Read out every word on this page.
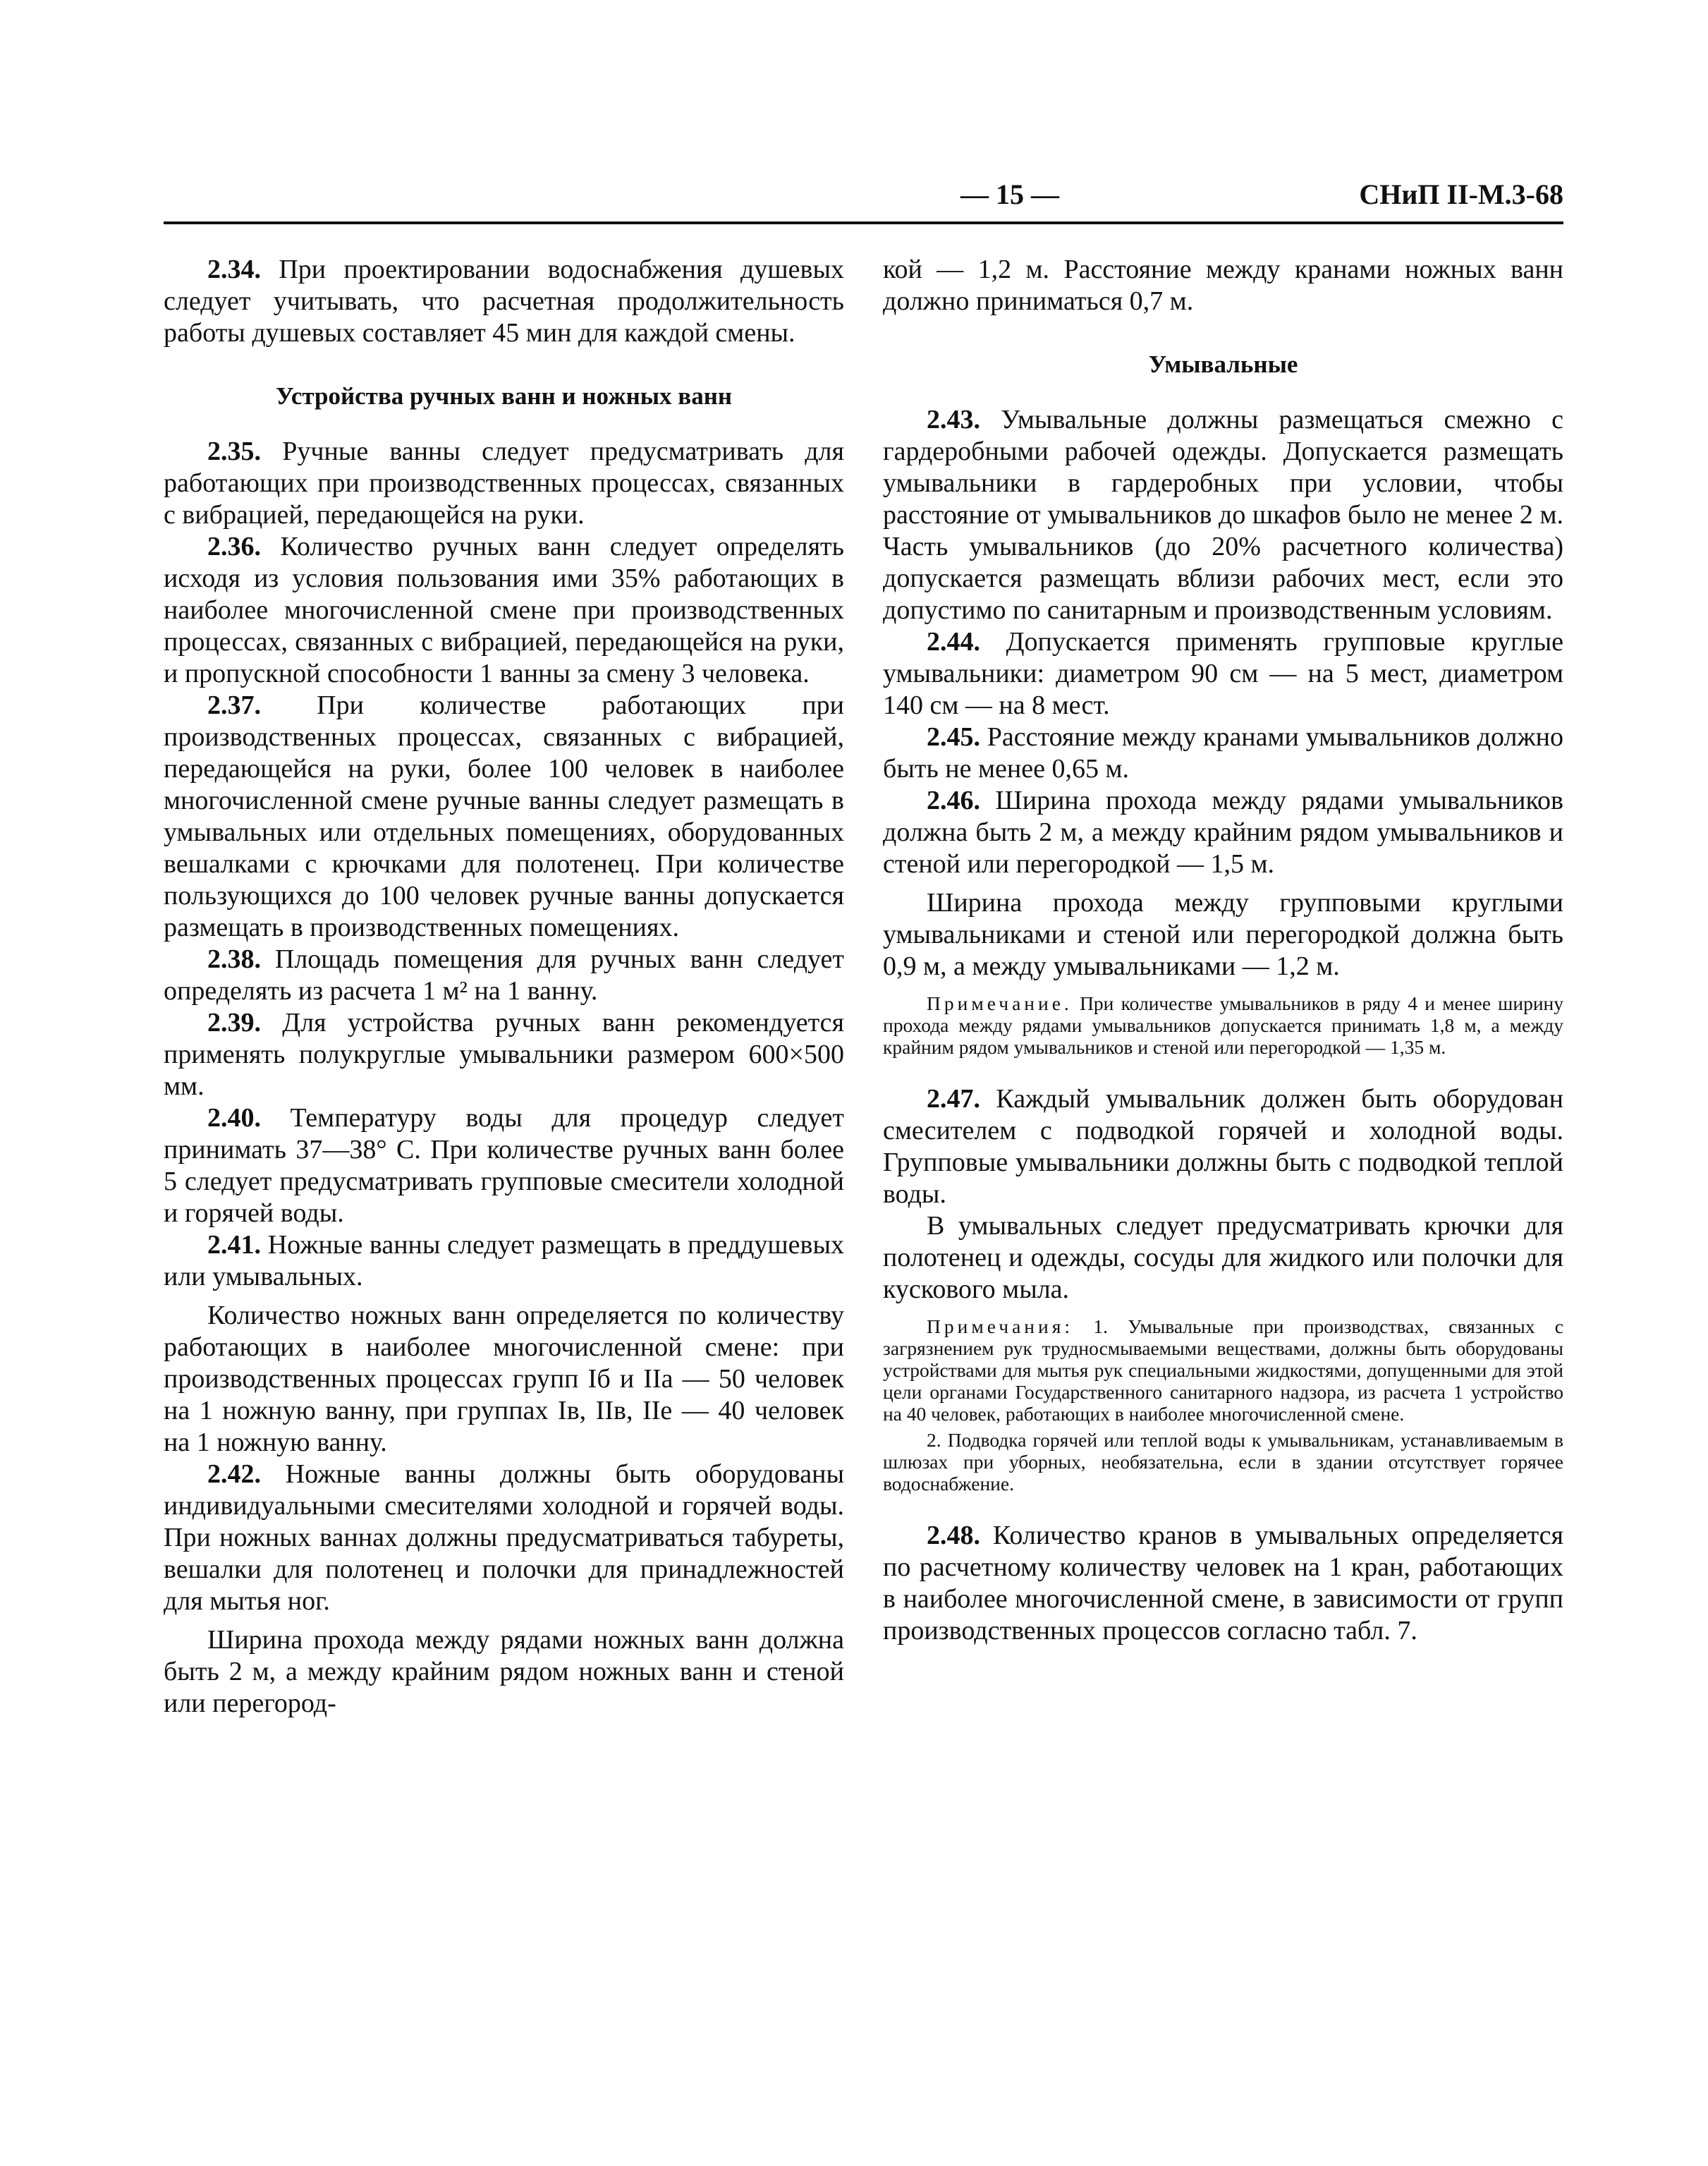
— 15 —	СНиП II-М.3-68

2.34. При проектировании водоснабжения душевых следует учитывать, что расчетная продолжительность работы душевых составляет 45 мин для каждой смены.

Устройства ручных ванн и ножных ванн

2.35. Ручные ванны следует предусматривать для работающих при производственных процессах, связанных с вибрацией, передающейся на руки.

2.36. Количество ручных ванн следует определять исходя из условия пользования ими 35% работающих в наиболее многочисленной смене при производственных процессах, связанных с вибрацией, передающейся на руки, и пропускной способности 1 ванны за смену 3 человека.

2.37. При количестве работающих при производственных процессах, связанных с вибрацией, передающейся на руки, более 100 человек в наиболее многочисленной смене ручные ванны следует размещать в умывальных или отдельных помещениях, оборудованных вешалками с крючками для полотенец. При количестве пользующихся до 100 человек ручные ванны допускается размещать в производственных помещениях.

2.38. Площадь помещения для ручных ванн следует определять из расчета 1 м² на 1 ванну.

2.39. Для устройства ручных ванн рекомендуется применять полукруглые умывальники размером 600×500 мм.

2.40. Температуру воды для процедур следует принимать 37—38° С. При количестве ручных ванн более 5 следует предусматривать групповые смесители холодной и горячей воды.

2.41. Ножные ванны следует размещать в преддушевых или умывальных.

Количество ножных ванн определяется по количеству работающих в наиболее многочисленной смене: при производственных процессах групп Iб и IIа — 50 человек на 1 ножную ванну, при группах Iв, IIв, IIе — 40 человек на 1 ножную ванну.

2.42. Ножные ванны должны быть оборудованы индивидуальными смесителями холодной и горячей воды. При ножных ваннах должны предусматриваться табуреты, вешалки для полотенец и полочки для принадлежностей для мытья ног.

Ширина прохода между рядами ножных ванн должна быть 2 м, а между крайним рядом ножных ванн и стеной или перегород-

кой — 1,2 м. Расстояние между кранами ножных ванн должно приниматься 0,7 м.

Умывальные

2.43. Умывальные должны размещаться смежно с гардеробными рабочей одежды. Допускается размещать умывальники в гардеробных при условии, чтобы расстояние от умывальников до шкафов было не менее 2 м. Часть умывальников (до 20% расчетного количества) допускается размещать вблизи рабочих мест, если это допустимо по санитарным и производственным условиям.

2.44. Допускается применять групповые круглые умывальники: диаметром 90 см — на 5 мест, диаметром 140 см — на 8 мест.

2.45. Расстояние между кранами умывальников должно быть не менее 0,65 м.

2.46. Ширина прохода между рядами умывальников должна быть 2 м, а между крайним рядом умывальников и стеной или перегородкой — 1,5 м.

Ширина прохода между групповыми круглыми умывальниками и стеной или перегородкой должна быть 0,9 м, а между умывальниками — 1,2 м.

Примечание. При количестве умывальников в ряду 4 и менее ширину прохода между рядами умывальников допускается принимать 1,8 м, а между крайним рядом умывальников и стеной или перегородкой — 1,35 м.

2.47. Каждый умывальник должен быть оборудован смесителем с подводкой горячей и холодной воды. Групповые умывальники должны быть с подводкой теплой воды.

В умывальных следует предусматривать крючки для полотенец и одежды, сосуды для жидкого или полочки для кускового мыла.

Примечания: 1. Умывальные при производствах, связанных с загрязнением рук трудносмываемыми веществами, должны быть оборудованы устройствами для мытья рук специальными жидкостями, допущенными для этой цели органами Государственного санитарного надзора, из расчета 1 устройство на 40 человек, работающих в наиболее многочисленной смене.

2. Подводка горячей или теплой воды к умывальникам, устанавливаемым в шлюзах при уборных, необязательна, если в здании отсутствует горячее водоснабжение.

2.48. Количество кранов в умывальных определяется по расчетному количеству человек на 1 кран, работающих в наиболее многочисленной смене, в зависимости от групп производственных процессов согласно табл. 7.
